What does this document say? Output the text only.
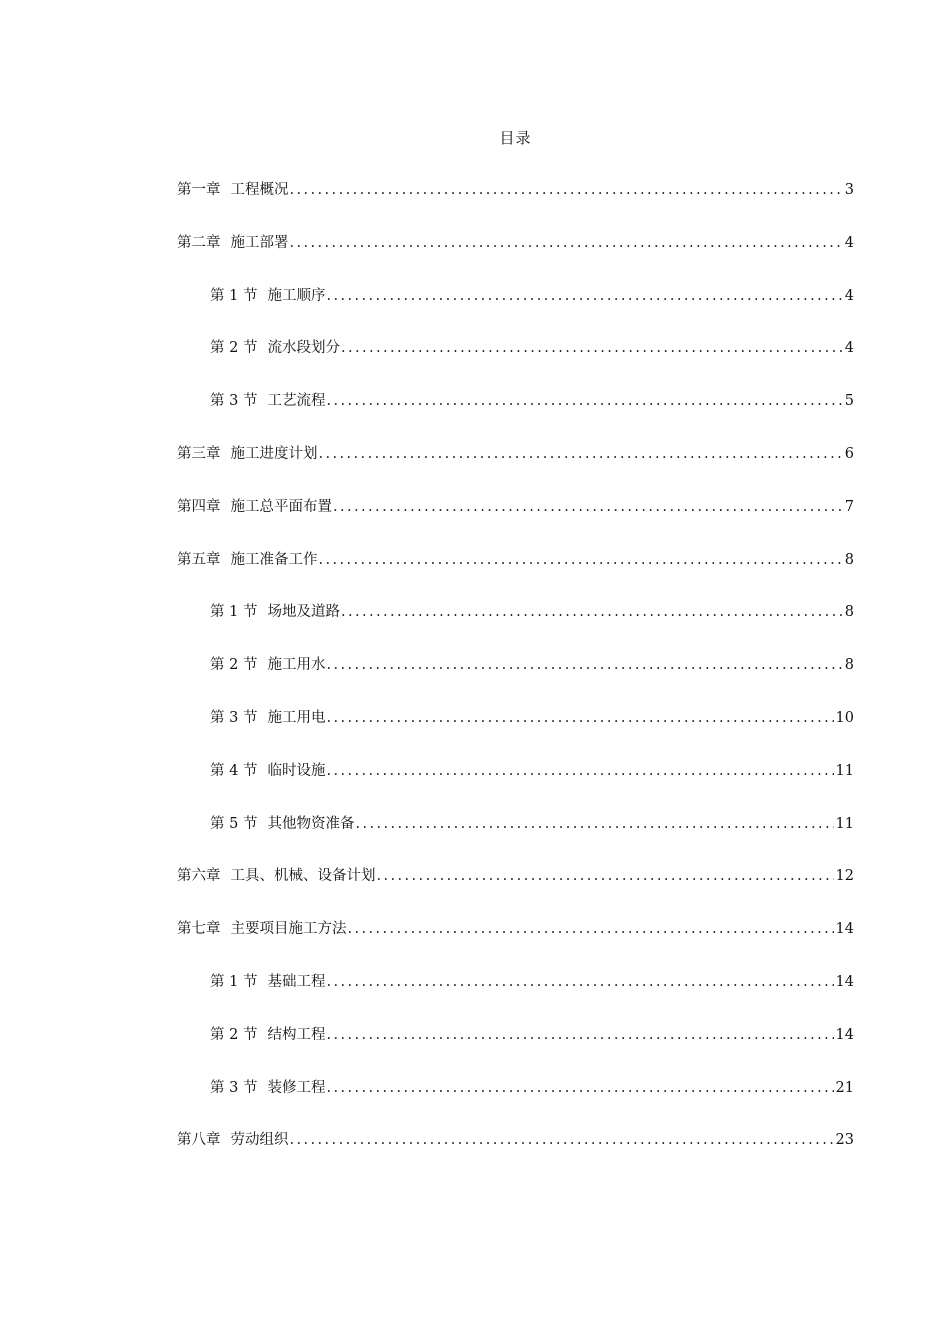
目录
第一章 工程概况 .....	3
第二章 施工部署 .....	4
第 1 节 施工顺序 .....	4
第 2 节 流水段划分 .....	4
第 3 节 工艺流程 .....	5
第三章 施工进度计划 .....	6
第四章 施工总平面布置 .....	7
第五章 施工准备工作 .....	8
第 1 节 场地及道路 .....	8
第 2 节 施工用水 .....	8
第 3 节 施工用电 .....	10
第 4 节 临时设施 .....	11
第 5 节 其他物资准备 .....	11
第六章 工具、机械、设备计划 .....	12
第七章 主要项目施工方法 .....	14
第 1 节 基础工程 .....	14
第 2 节 结构工程 .....	14
第 3 节 装修工程 .....	21
第八章 劳动组织 .....	23
